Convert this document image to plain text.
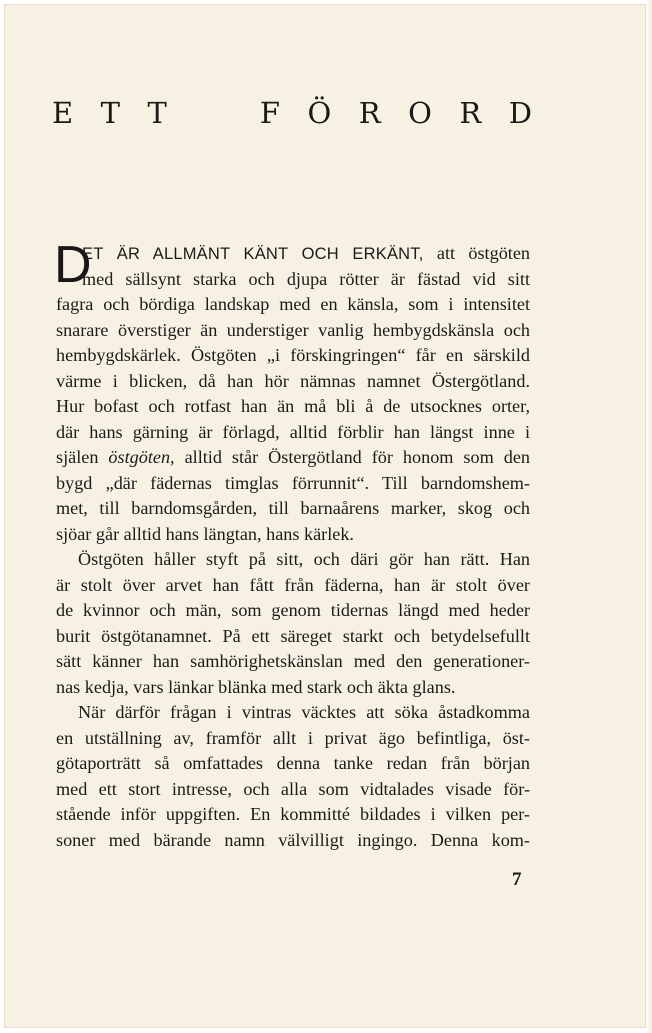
E T T	F Ö R O R D
D
ET ÄR ALLMÄNT KÄNT OCH ERKÄNT, att östgöten
med sällsynt starka och djupa rötter är fästad vid sitt
fagra och bördiga landskap med en känsla, som i intensitet
snarare överstiger än understiger vanlig hembygdskänsla och
hembygdskärlek. Östgöten „i förskingringen“ får en särskild
värme i blicken, då han hör nämnas namnet Östergötland.
Hur bofast och rotfast han än må bli å de utsocknes orter,
där hans gärning är förlagd, alltid förblir han längst inne i
själen östgöten, alltid står Östergötland för honom som den
bygd „där fädernas timglas förrunnit“. Till barndomshem-
met, till barndomsgården, till barnaårens marker, skog och
sjöar går alltid hans längtan, hans kärlek.
Östgöten håller styft på sitt, och däri gör han rätt. Han
är stolt över arvet han fått från fäderna, han är stolt över
de kvinnor och män, som genom tidernas längd med heder
burit östgötanamnet. På ett säreget starkt och betydelsefullt
sätt känner han samhörighetskänslan med den generationer-
nas kedja, vars länkar blänka med stark och äkta glans.
När därför frågan i vintras väcktes att söka åstadkomma
en utställning av, framför allt i privat ägo befintliga, öst-
götaporträtt så omfattades denna tanke redan från början
med ett stort intresse, och alla som vidtalades visade för-
stående inför uppgiften. En kommitté bildades i vilken per-
soner med bärande namn välvilligt ingingo. Denna kom-
7
